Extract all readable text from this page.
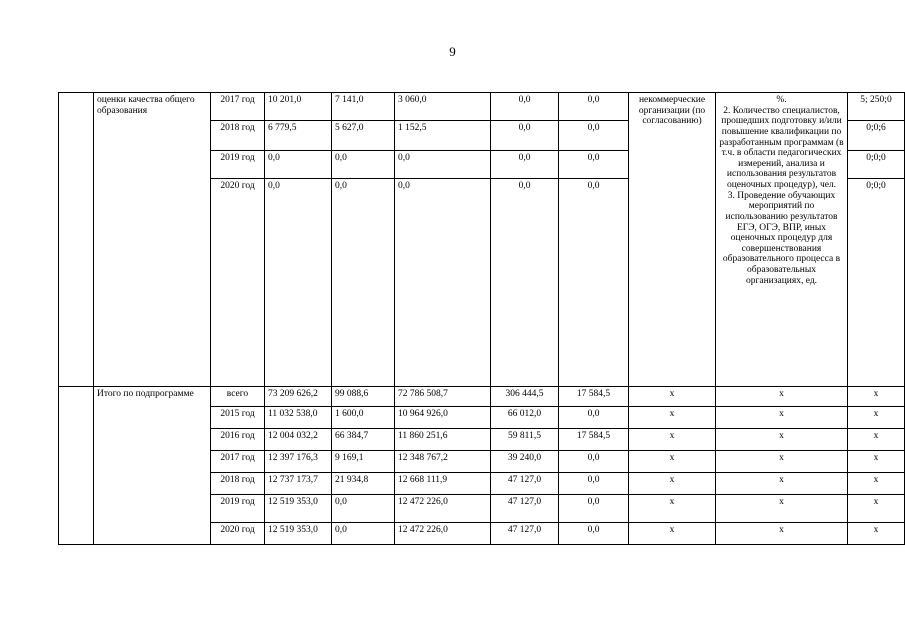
9
	оценки качества общего образования	2017 год	10 201,0	7 141,0	3 060,0	0,0	0,0	некоммерческие организации (по согласованию)	%.
2. Количество специалистов, прошедших подготовку и/или повышение квалификации по разработанным программам (в т.ч. в области педагогических измерений, анализа и использования результатов оценочных процедур), чел.
3. Проведение обучающих мероприятий по использованию результатов ЕГЭ, ОГЭ, ВПР, иных оценочных процедур для совершенствования образовательного процесса в образовательных организациях, ед.	5; 250;0
		2018 год	6 779,5	5 627,0	1 152,5	0,0	0,0			0;0;6
		2019 год	0,0	0,0	0,0	0,0	0,0			0;0;0
		2020 год	0,0	0,0	0,0	0,0	0,0			0;0;0
	Итого по подпрограмме	всего	73 209 626,2	99 088,6	72 786 508,7	306 444,5	17 584,5	x	x	x
		2015 год	11 032 538,0	1 600,0	10 964 926,0	66 012,0	0,0	x	x	x
		2016 год	12 004 032,2	66 384,7	11 860 251,6	59 811,5	17 584,5	x	x	x
		2017 год	12 397 176,3	9 169,1	12 348 767,2	39 240,0	0,0	x	x	x
		2018 год	12 737 173,7	21 934,8	12 668 111,9	47 127,0	0,0	x	x	x
		2019 год	12 519 353,0	0,0	12 472 226,0	47 127,0	0,0	x	x	x
		2020 год	12 519 353,0	0,0	12 472 226,0	47 127,0	0,0	x	x	x
